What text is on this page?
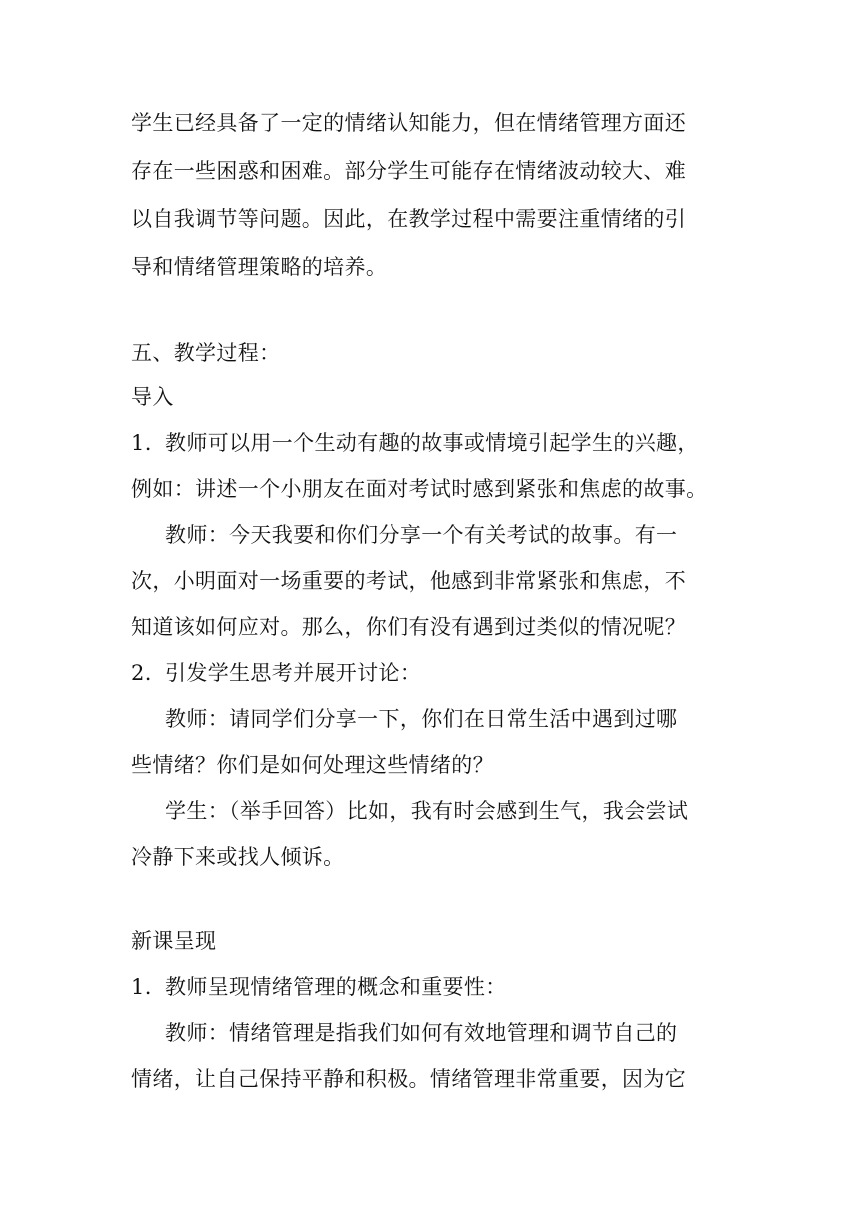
学生已经具备了一定的情绪认知能力，但在情绪管理方面还
存在一些困惑和困难。部分学生可能存在情绪波动较大、难
以自我调节等问题。因此，在教学过程中需要注重情绪的引
导和情绪管理策略的培养。
五、教学过程：
导入
1. 教师可以用一个生动有趣的故事或情境引起学生的兴趣，
例如：讲述一个小朋友在面对考试时感到紧张和焦虑的故事。
教师：今天我要和你们分享一个有关考试的故事。有一
次，小明面对一场重要的考试，他感到非常紧张和焦虑，不
知道该如何应对。那么，你们有没有遇到过类似的情况呢？
2. 引发学生思考并展开讨论：
教师：请同学们分享一下，你们在日常生活中遇到过哪
些情绪？你们是如何处理这些情绪的？
学生：（举手回答）比如，我有时会感到生气，我会尝试
冷静下来或找人倾诉。
新课呈现
1. 教师呈现情绪管理的概念和重要性：
教师：情绪管理是指我们如何有效地管理和调节自己的
情绪，让自己保持平静和积极。情绪管理非常重要，因为它
